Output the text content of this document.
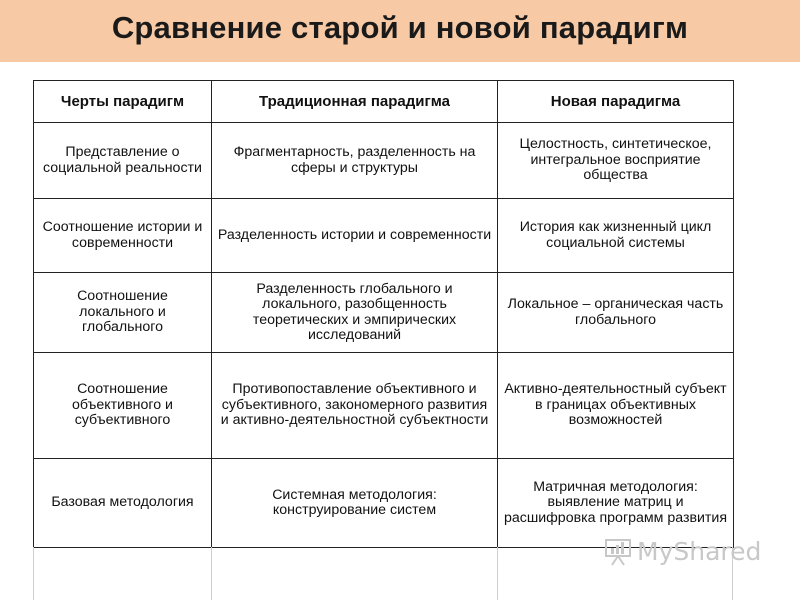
Сравнение старой и новой парадигм
Черты парадигм	Традиционная парадигма	Новая парадигма
Представление о социальной реальности	Фрагментарность, разделенность на сферы и структуры	Целостность, синтетическое, интегральное восприятие общества
Соотношение истории и современности	Разделенность истории и современности	История как жизненный цикл социальной системы
Соотношение локального и глобального	Разделенность глобального и локального, разобщенность теоретических и эмпирических исследований	Локальное – органическая часть глобального
Соотношение объективного и субъективного	Противопоставление объективного и субъективного, закономерного развития и активно-деятельностной субъектности	Активно-деятельностный субъект в границах объективных возможностей
Базовая методология	Системная методология: конструирование систем	Матричная методология: выявление матриц и расшифровка программ развития
MyShared
